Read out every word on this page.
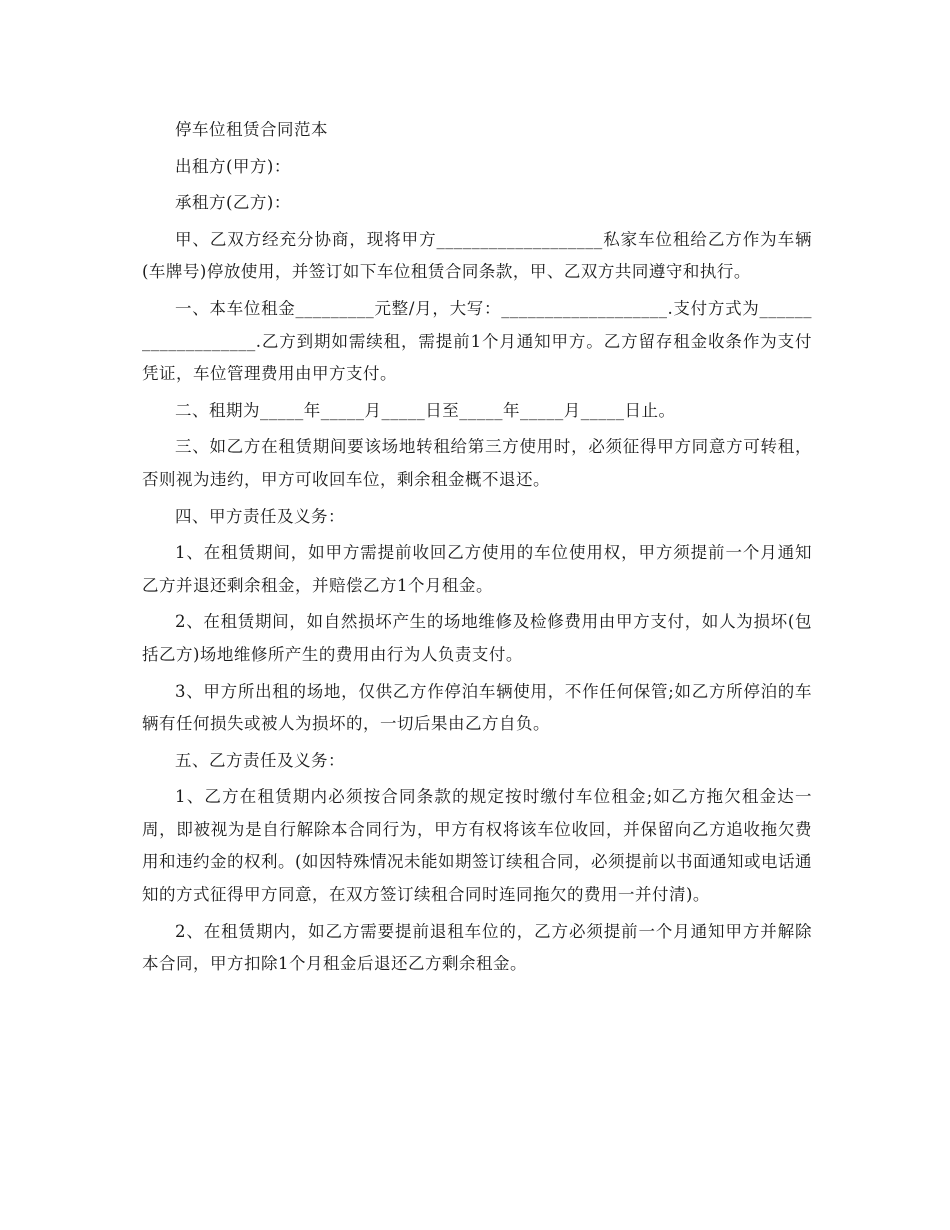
停车位租赁合同范本

出租方(甲方)：

承租方(乙方)：

甲、乙双方经充分协商，现将甲方___________________私家车位租给乙方作为车辆(车牌号)停放使用，并签订如下车位租赁合同条款，甲、乙双方共同遵守和执行。

一、本车位租金_________元整/月，大写：___________________.支付方式为___________________.乙方到期如需续租，需提前1个月通知甲方。乙方留存租金收条作为支付凭证，车位管理费用由甲方支付。

二、租期为_____年_____月_____日至_____年_____月_____日止。

三、如乙方在租赁期间要该场地转租给第三方使用时，必须征得甲方同意方可转租，否则视为违约，甲方可收回车位，剩余租金概不退还。

四、甲方责任及义务：

1、在租赁期间，如甲方需提前收回乙方使用的车位使用权，甲方须提前一个月通知乙方并退还剩余租金，并赔偿乙方1个月租金。

2、在租赁期间，如自然损坏产生的场地维修及检修费用由甲方支付，如人为损坏(包括乙方)场地维修所产生的费用由行为人负责支付。

3、甲方所出租的场地，仅供乙方作停泊车辆使用，不作任何保管;如乙方所停泊的车辆有任何损失或被人为损坏的，一切后果由乙方自负。

五、乙方责任及义务：

1、乙方在租赁期内必须按合同条款的规定按时缴付车位租金;如乙方拖欠租金达一周，即被视为是自行解除本合同行为，甲方有权将该车位收回，并保留向乙方追收拖欠费用和违约金的权利。(如因特殊情况未能如期签订续租合同，必须提前以书面通知或电话通知的方式征得甲方同意，在双方签订续租合同时连同拖欠的费用一并付清)。

2、在租赁期内，如乙方需要提前退租车位的，乙方必须提前一个月通知甲方并解除本合同，甲方扣除1个月租金后退还乙方剩余租金。
